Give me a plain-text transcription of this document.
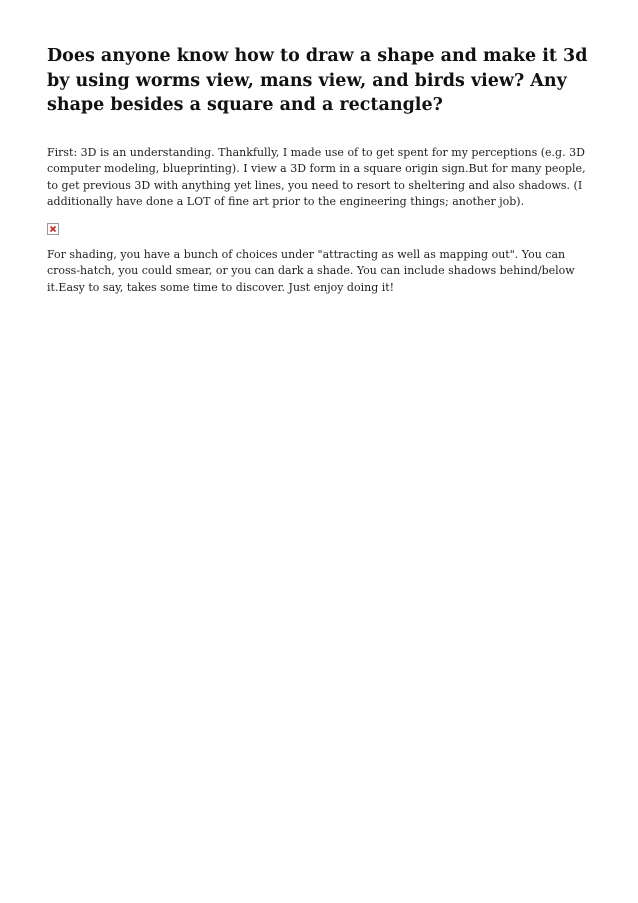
Does anyone know how to draw a shape and make it 3d by using worms view, mans view, and birds view? Any shape besides a square and a rectangle?

First: 3D is an understanding. Thankfully, I made use of to get spent for my perceptions (e.g. 3D computer modeling, blueprinting). I view a 3D form in a square origin sign.But for many people, to get previous 3D with anything yet lines, you need to resort to sheltering and also shadows. (I additionally have done a LOT of fine art prior to the engineering things; another job).

For shading, you have a bunch of choices under "attracting as well as mapping out". You can cross-hatch, you could smear, or you can dark a shade. You can include shadows behind/below it.Easy to say, takes some time to discover. Just enjoy doing it!
